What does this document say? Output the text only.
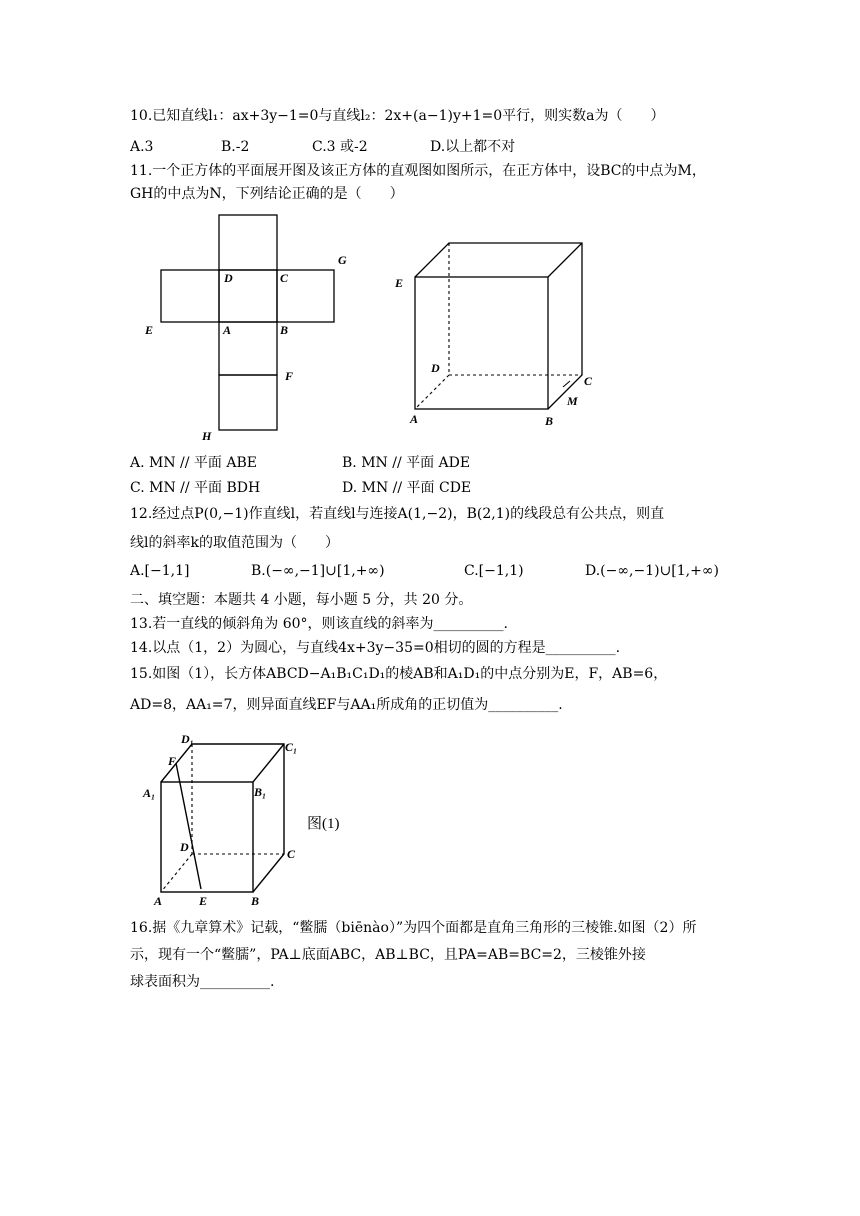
10.已知直线l₁：ax+3y−1=0与直线l₂：2x+(a−1)y+1=0平行，则实数a为（　　）
A.3	B.-2	C.3 或-2	D.以上都不对
11.一个正方体的平面展开图及该正方体的直观图如图所示，在正方体中，设BC的中点为M，
GH的中点为N，下列结论正确的是（　　）
G
D	C
E	A	B
F
H
E
D
C
M
A	B
A. MN // 平面 ABE	B. MN // 平面 ADE
C. MN // 平面 BDH	D. MN // 平面 CDE
12.经过点P(0,−1)作直线l，若直线l与连接A(1,−2)，B(2,1)的线段总有公共点，则直
线l的斜率k的取值范围为（　　）
A.[−1,1]	B.(−∞,−1]∪[1,+∞)	C.[−1,1)	D.(−∞,−1)∪[1,+∞)
二、填空题：本题共 4 小题，每小题 5 分，共 20 分。
13.若一直线的倾斜角为 60°，则该直线的斜率为__________.
14.以点（1，2）为圆心，与直线4x+3y−35=0相切的圆的方程是__________.
15.如图（1），长方体ABCD−A₁B₁C₁D₁的棱AB和A₁D₁的中点分别为E，F，AB=6，
AD=8，AA₁=7，则异面直线EF与AA₁所成角的正切值为__________.
D₁
C₁
F
A₁	B₁
D	C
A	E	B
图(1)
16.据《九章算术》记载，“鳖臑（biēnào）”为四个面都是直角三角形的三棱锥.如图（2）所
示，现有一个“鳖臑”，PA⊥底面ABC，AB⊥BC，且PA=AB=BC=2，三棱锥外接
球表面积为__________.
